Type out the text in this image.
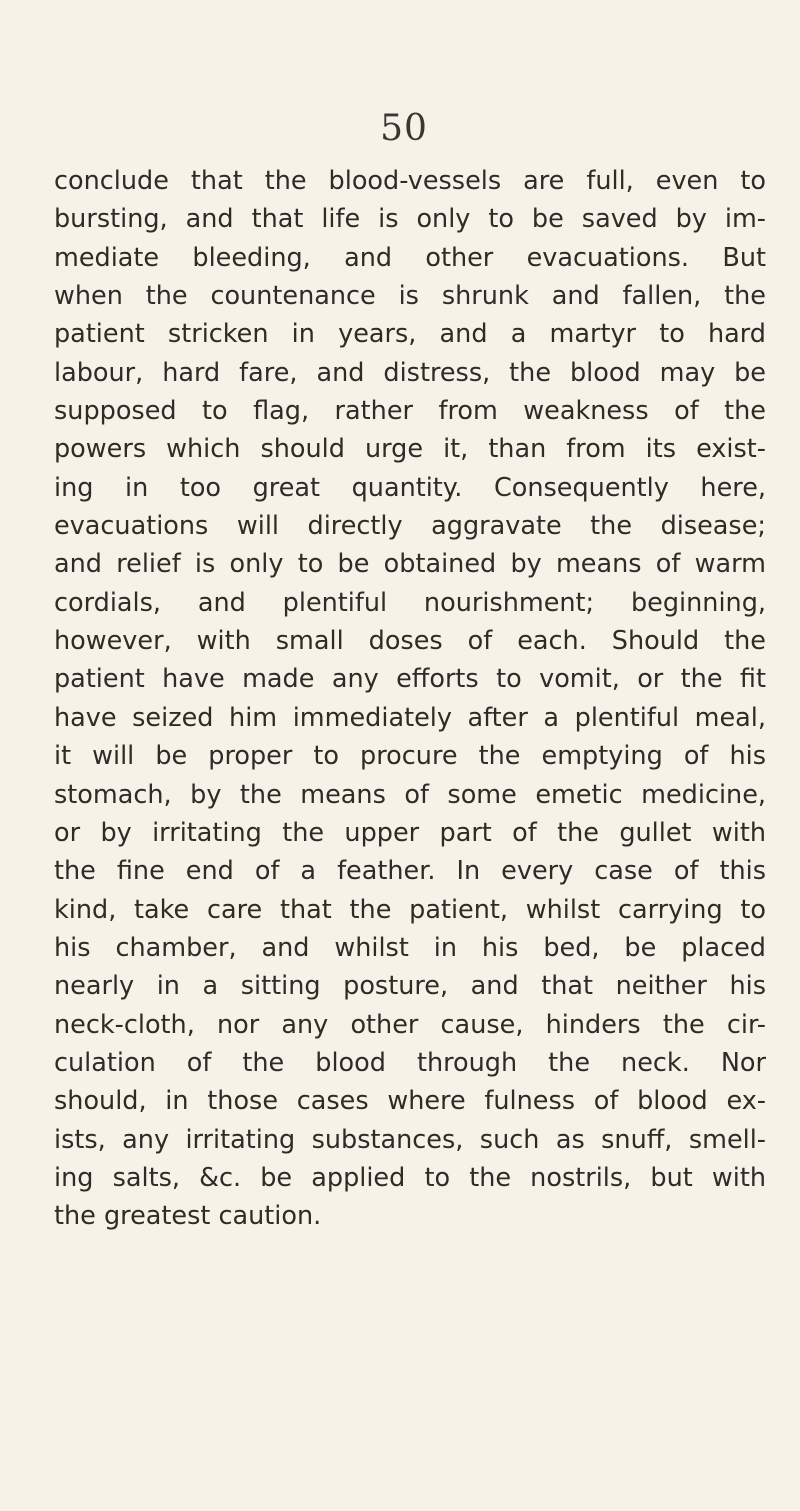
50
conclude that the blood-vessels are full, even to
bursting, and that life is only to be saved by im-
mediate bleeding, and other evacuations. But
when the countenance is shrunk and fallen, the
patient stricken in years, and a martyr to hard
labour, hard fare, and distress, the blood may be
supposed to flag, rather from weakness of the
powers which should urge it, than from its exist-
ing in too great quantity. Consequently here,
evacuations will directly aggravate the disease;
and relief is only to be obtained by means of warm
cordials, and plentiful nourishment; beginning,
however, with small doses of each. Should the
patient have made any efforts to vomit, or the fit
have seized him immediately after a plentiful meal,
it will be proper to procure the emptying of his
stomach, by the means of some emetic medicine,
or by irritating the upper part of the gullet with
the fine end of a feather. In every case of this
kind, take care that the patient, whilst carrying to
his chamber, and whilst in his bed, be placed
nearly in a sitting posture, and that neither his
neck-cloth, nor any other cause, hinders the cir-
culation of the blood through the neck. Nor
should, in those cases where fulness of blood ex-
ists, any irritating substances, such as snuff, smell-
ing salts, &c. be applied to the nostrils, but with
the greatest caution.
